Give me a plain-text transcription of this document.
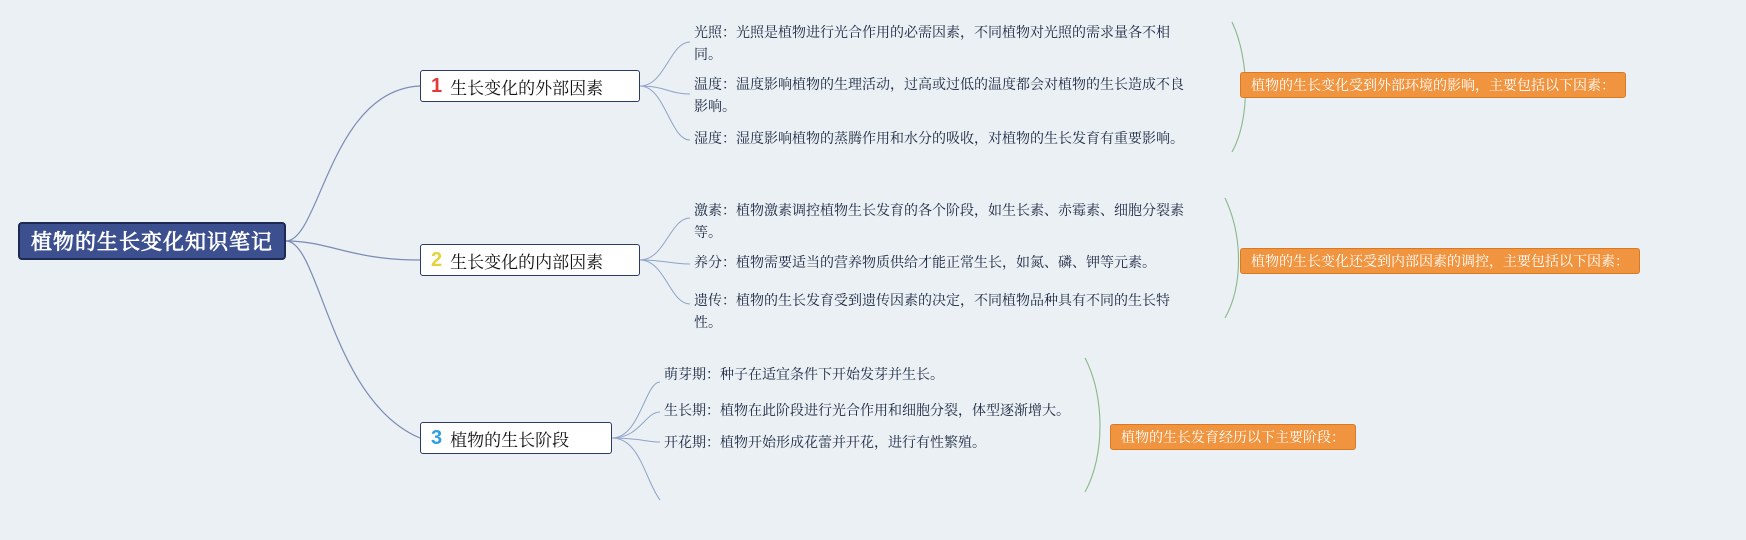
植物的生长变化知识笔记
1 生长变化的外部因素
光照：光照是植物进行光合作用的必需因素，不同植物对光照的需求量各不相同。
温度：温度影响植物的生理活动，过高或过低的温度都会对植物的生长造成不良影响。
湿度：湿度影响植物的蒸腾作用和水分的吸收，对植物的生长发育有重要影响。
植物的生长变化受到外部环境的影响，主要包括以下因素：
2 生长变化的内部因素
激素：植物激素调控植物生长发育的各个阶段，如生长素、赤霉素、细胞分裂素等。
养分：植物需要适当的营养物质供给才能正常生长，如氮、磷、钾等元素。
遗传：植物的生长发育受到遗传因素的决定，不同植物品种具有不同的生长特性。
植物的生长变化还受到内部因素的调控，主要包括以下因素：
3 植物的生长阶段
萌芽期：种子在适宜条件下开始发芽并生长。
生长期：植物在此阶段进行光合作用和细胞分裂，体型逐渐增大。
开花期：植物开始形成花蕾并开花，进行有性繁殖。	植物的生长发育经历以下主要阶段：
